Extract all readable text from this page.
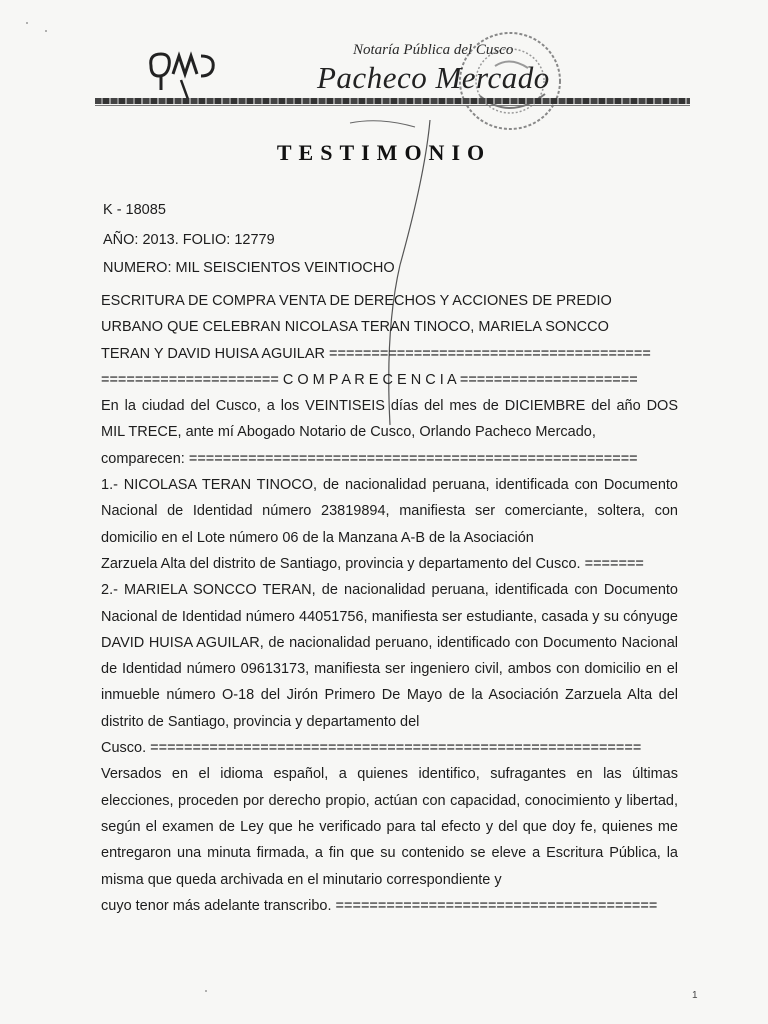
Notaría Pública del Cusco
Pacheco Mercado
TESTIMONIO
K - 18085
AÑO: 2013. FOLIO: 12779
NUMERO: MIL SEISCIENTOS VEINTIOCHO

ESCRITURA DE COMPRA VENTA DE DERECHOS Y ACCIONES DE PREDIO

URBANO QUE CELEBRAN NICOLASA TERAN TINOCO, MARIELA SONCCO

TERAN Y DAVID HUISA AGUILAR ======================================

===================== C O M P A R E C E N C I A =====================

En la ciudad del Cusco, a los VEINTISEIS días del mes de DICIEMBRE del año DOS MIL TRECE, ante mí Abogado Notario de Cusco, Orlando Pacheco Mercado,

comparecen: =====================================================

1.- NICOLASA TERAN TINOCO, de nacionalidad peruana, identificada con Documento Nacional de Identidad número 23819894, manifiesta ser comerciante, soltera, con domicilio en el Lote número 06 de la Manzana A-B de la Asociación

Zarzuela Alta del distrito de Santiago, provincia y departamento del Cusco. =======

2.- MARIELA SONCCO TERAN, de nacionalidad peruana, identificada con Documento Nacional de Identidad número 44051756, manifiesta ser estudiante, casada y su cónyuge DAVID HUISA AGUILAR, de nacionalidad peruano, identificado con Documento Nacional de Identidad número 09613173, manifiesta ser ingeniero civil, ambos con domicilio en el inmueble número O-18 del Jirón Primero De Mayo de la Asociación Zarzuela Alta del distrito de Santiago, provincia y departamento del

Cusco. ==========================================================

Versados en el idioma español, a quienes identifico, sufragantes en las últimas elecciones, proceden por derecho propio, actúan con capacidad, conocimiento y libertad, según el examen de Ley que he verificado para tal efecto y del que doy fe, quienes me entregaron una minuta firmada, a fin que su contenido se eleve a Escritura Pública, la misma que queda archivada en el minutario correspondiente y

cuyo tenor más adelante transcribo. ======================================

1
